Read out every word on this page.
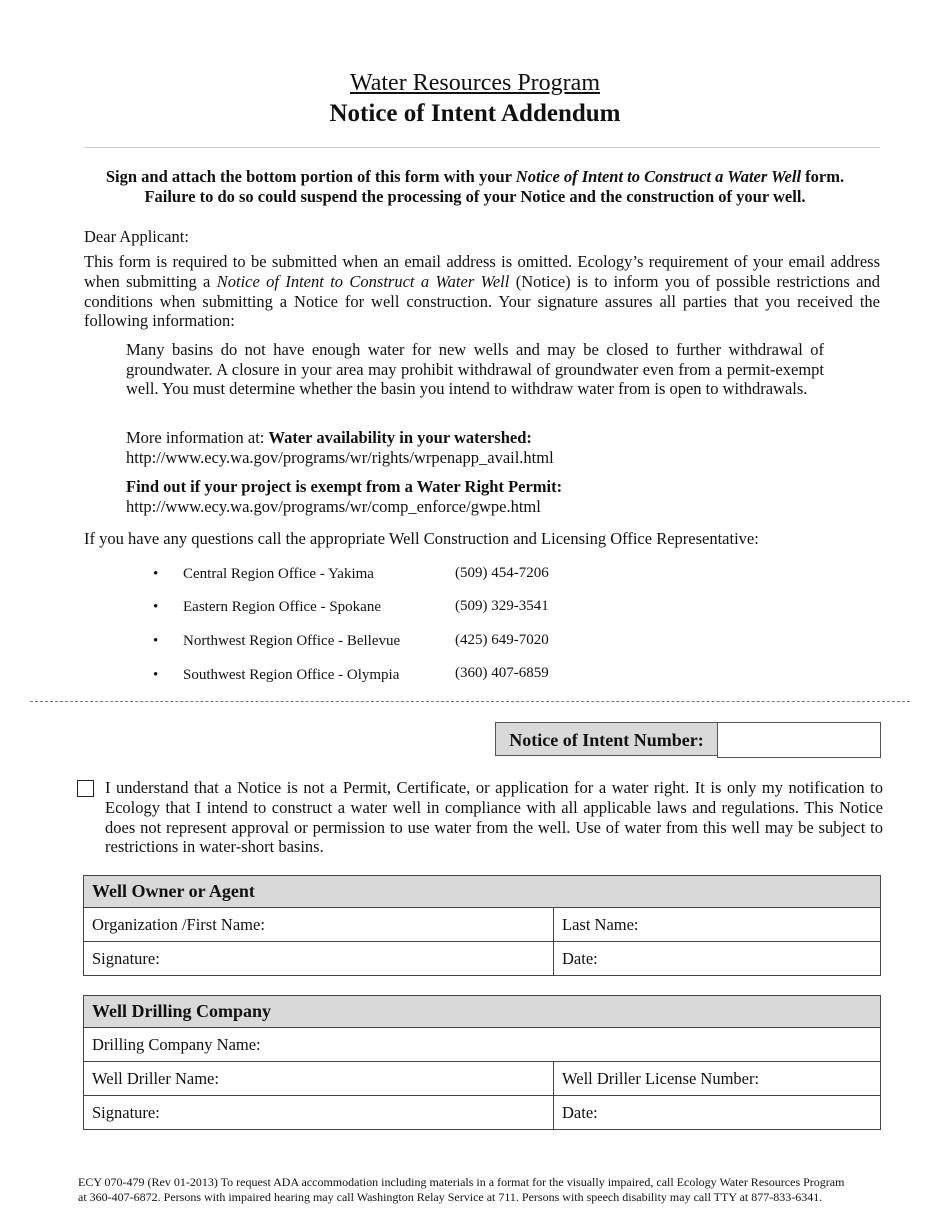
Water Resources Program
Notice of Intent Addendum
Sign and attach the bottom portion of this form with your Notice of Intent to Construct a Water Well form.
Failure to do so could suspend the processing of your Notice and the construction of your well.
Dear Applicant:
This form is required to be submitted when an email address is omitted. Ecology’s requirement of your email address when submitting a Notice of Intent to Construct a Water Well (Notice) is to inform you of possible restrictions and conditions when submitting a Notice for well construction. Your signature assures all parties that you received the following information:
Many basins do not have enough water for new wells and may be closed to further withdrawal of groundwater. A closure in your area may prohibit withdrawal of groundwater even from a permit-exempt well. You must determine whether the basin you intend to withdraw water from is open to withdrawals.
More information at: Water availability in your watershed:
http://www.ecy.wa.gov/programs/wr/rights/wrpenapp_avail.html
Find out if your project is exempt from a Water Right Permit:
http://www.ecy.wa.gov/programs/wr/comp_enforce/gwpe.html
If you have any questions call the appropriate Well Construction and Licensing Office Representative:
• Central Region Office - Yakima	(509) 454-7206
• Eastern Region Office - Spokane	(509) 329-3541
• Northwest Region Office - Bellevue	(425) 649-7020
• Southwest Region Office - Olympia	(360) 407-6859
Notice of Intent Number:
I understand that a Notice is not a Permit, Certificate, or application for a water right. It is only my notification to Ecology that I intend to construct a water well in compliance with all applicable laws and regulations. This Notice does not represent approval or permission to use water from the well. Use of water from this well may be subject to restrictions in water-short basins.
Well Owner or Agent	
Organization /First Name:	Last Name:
Signature:	Date:
Well Drilling Company	
Drilling Company Name:	
Well Driller Name:	Well Driller License Number:
Signature:	Date:
ECY 070-479 (Rev 01-2013) To request ADA accommodation including materials in a format for the visually impaired, call Ecology Water Resources Program
at 360-407-6872. Persons with impaired hearing may call Washington Relay Service at 711. Persons with speech disability may call TTY at 877-833-6341.
